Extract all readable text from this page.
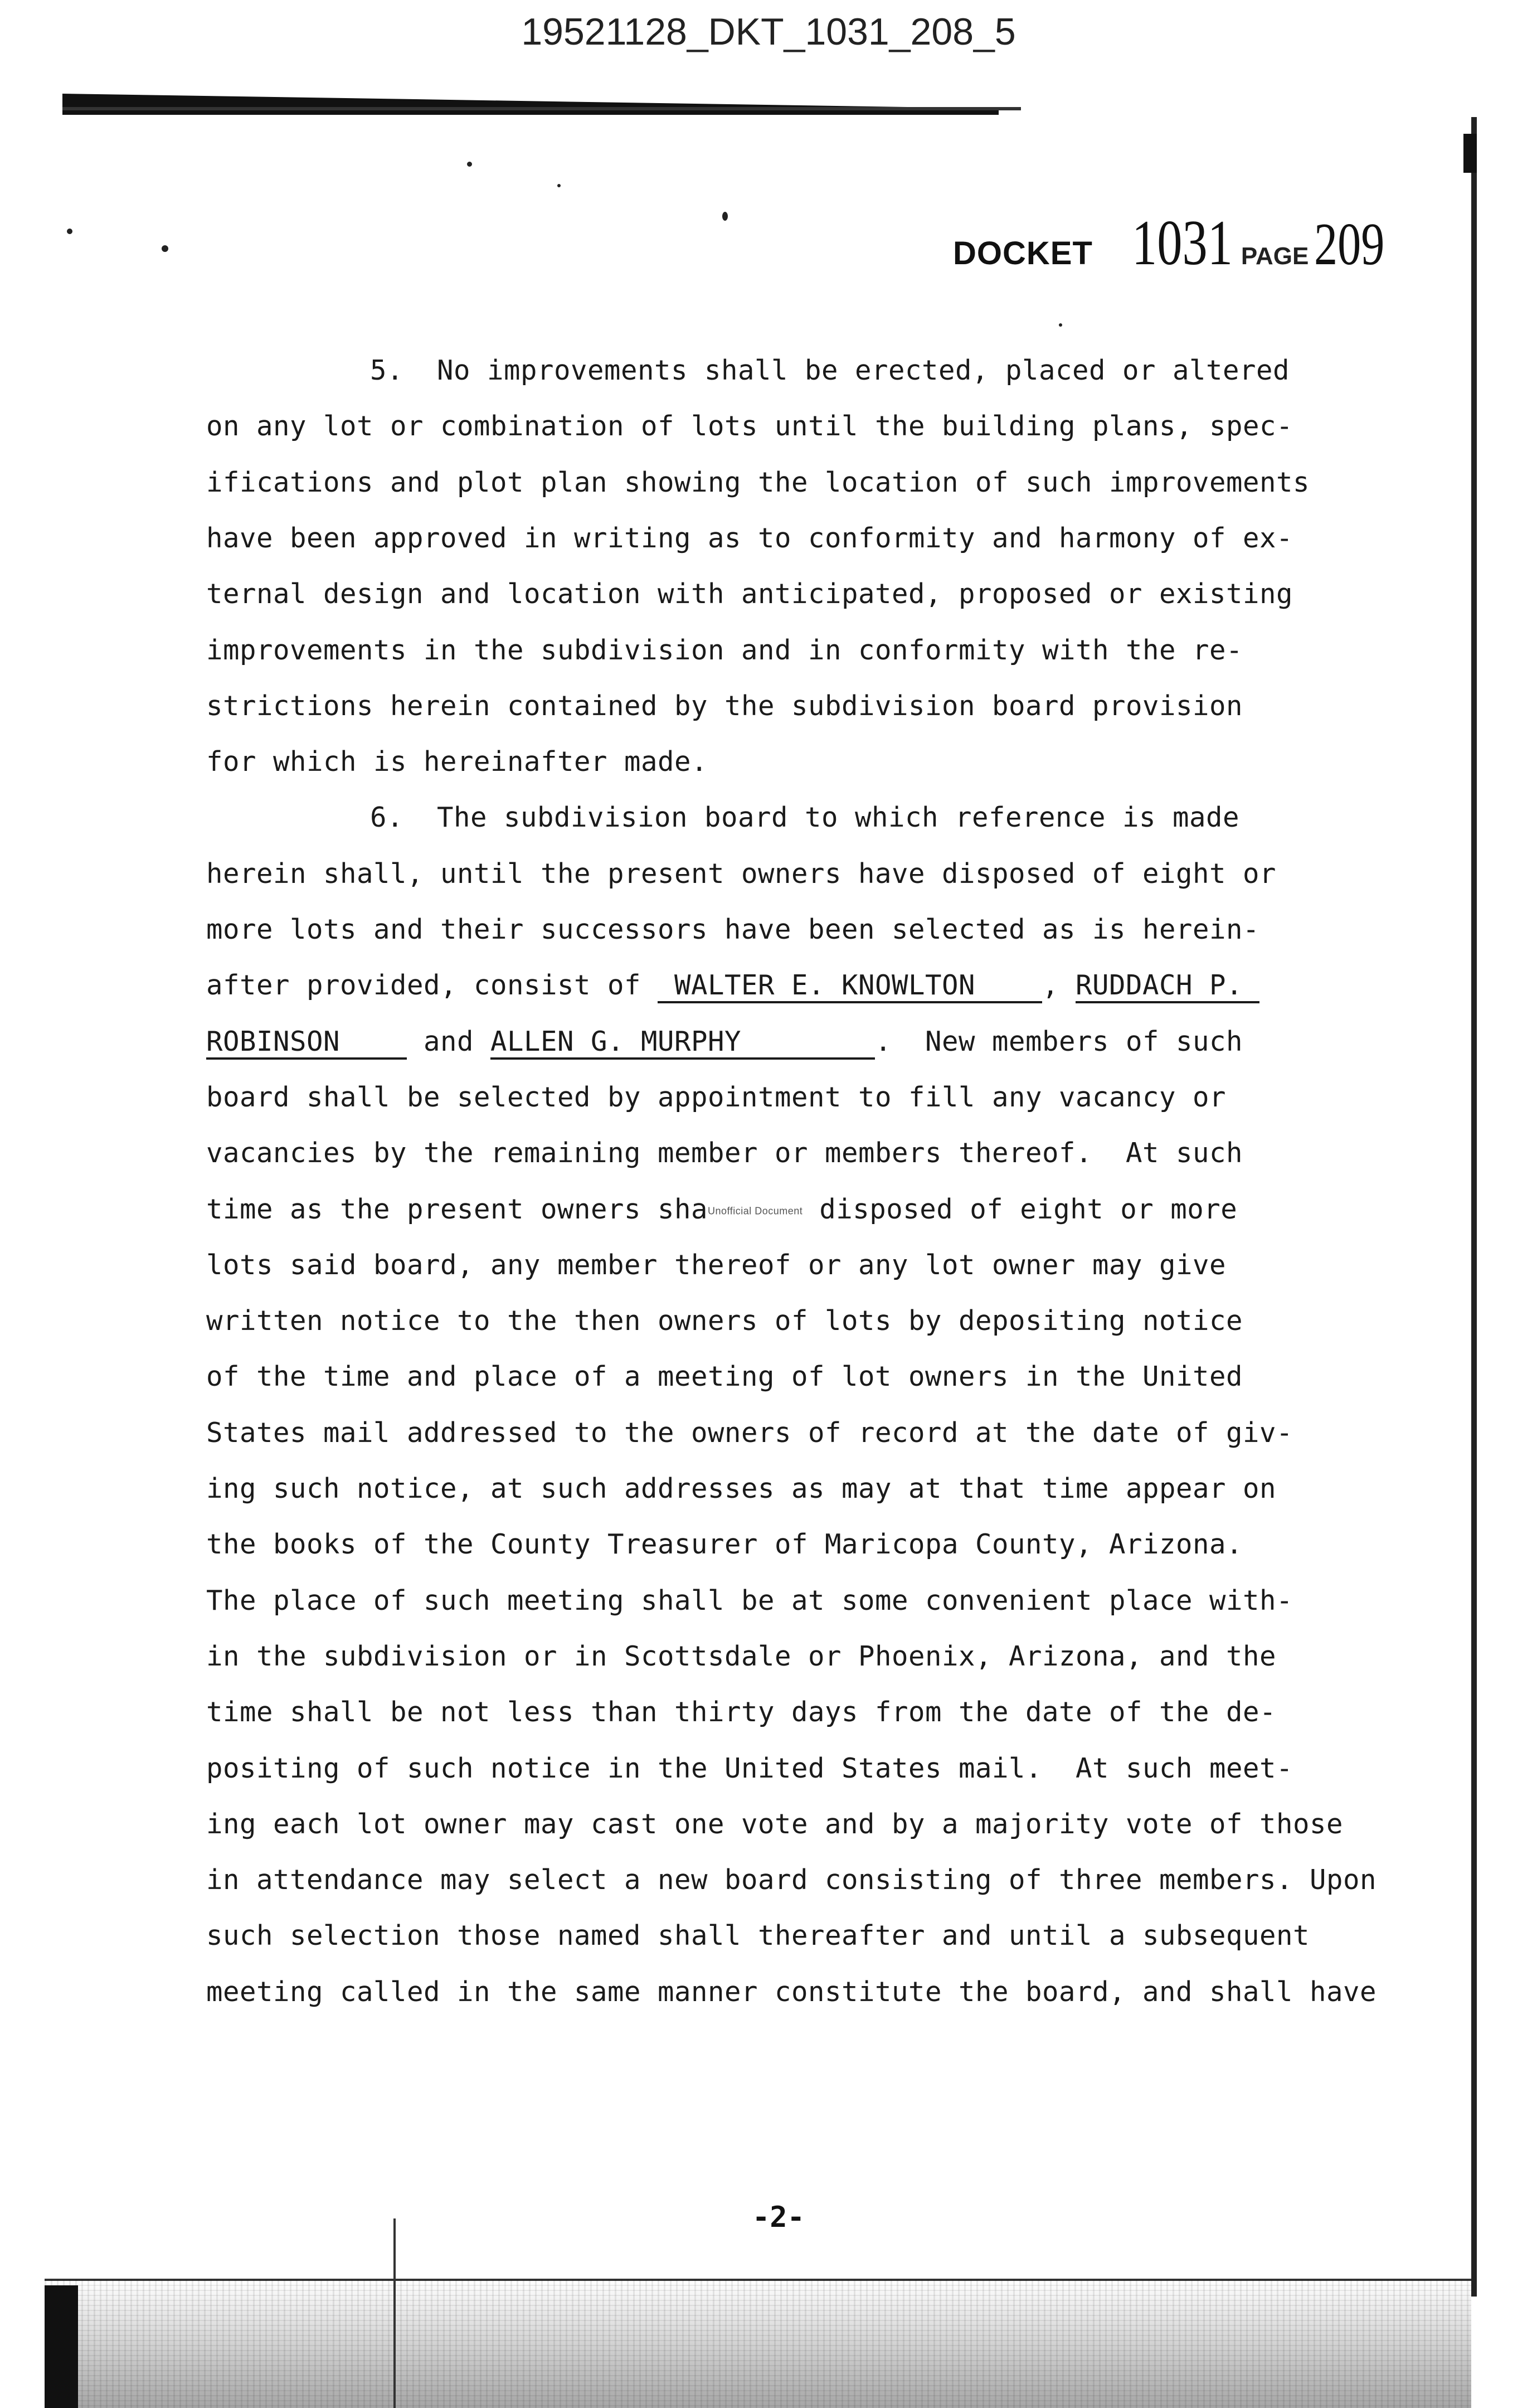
19521128_DKT_1031_208_5
DOCKET 1031 PAGE 209
5.  No improvements shall be erected, placed or altered
on any lot or combination of lots until the building plans, spec-
ifications and plot plan showing the location of such improvements
have been approved in writing as to conformity and harmony of ex-
ternal design and location with anticipated, proposed or existing
improvements in the subdivision and in conformity with the re-
strictions herein contained by the subdivision board provision
for which is hereinafter made.
6.  The subdivision board to which reference is made
herein shall, until the present owners have disposed of eight or
more lots and their successors have been selected as is herein-
after provided, consist of  WALTER E. KNOWLTON    , RUDDACH P.
ROBINSON     and ALLEN G. MURPHY        .  New members of such
board shall be selected by appointment to fill any vacancy or
vacancies by the remaining member or members thereof.  At such
time as the present owners shaUnofficial Document disposed of eight or more
lots said board, any member thereof or any lot owner may give
written notice to the then owners of lots by depositing notice
of the time and place of a meeting of lot owners in the United
States mail addressed to the owners of record at the date of giv-
ing such notice, at such addresses as may at that time appear on
the books of the County Treasurer of Maricopa County, Arizona.
The place of such meeting shall be at some convenient place with-
in the subdivision or in Scottsdale or Phoenix, Arizona, and the
time shall be not less than thirty days from the date of the de-
positing of such notice in the United States mail.  At such meet-
ing each lot owner may cast one vote and by a majority vote of those
in attendance may select a new board consisting of three members. Upon
such selection those named shall thereafter and until a subsequent
meeting called in the same manner constitute the board, and shall have
-2-
